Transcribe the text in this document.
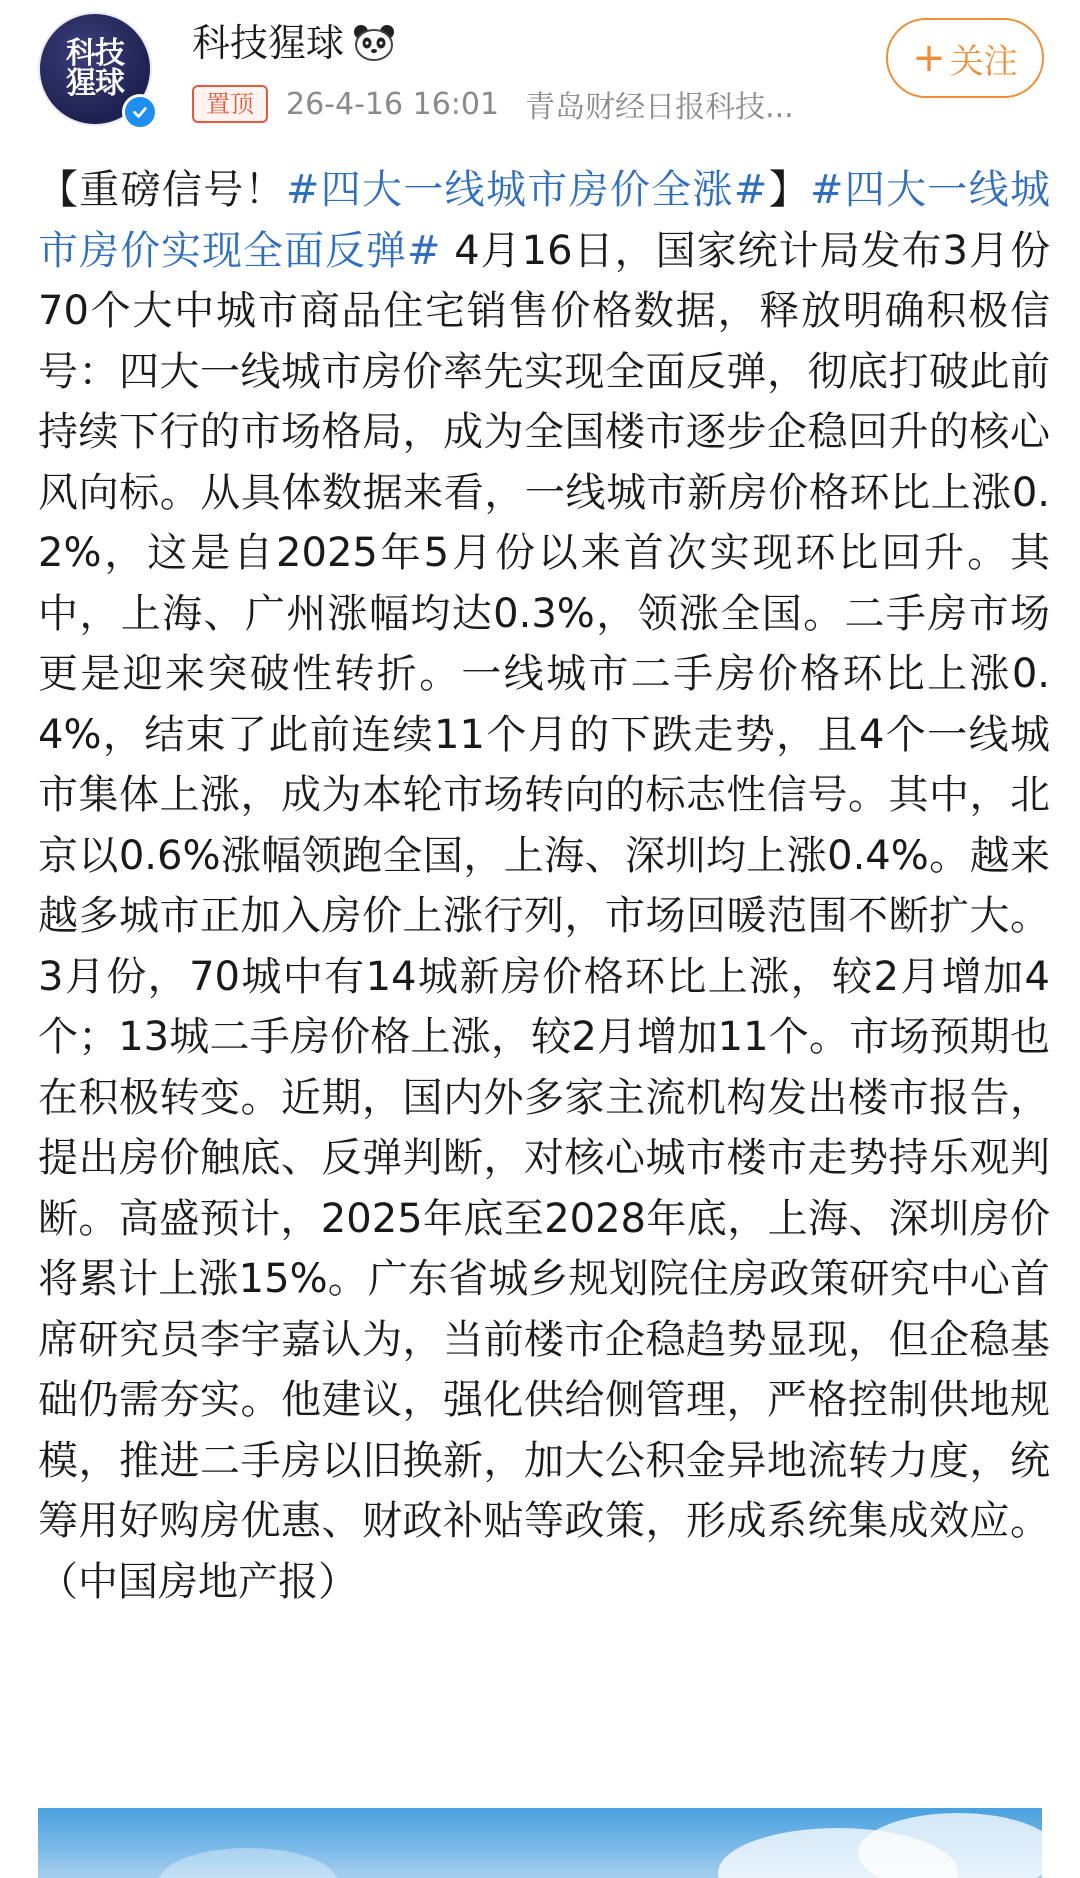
科技猩球
科技猩球
置顶	26-4-16 16:01 青岛财经日报科技...
+ 关注
【重磅信号！#四大一线城市房价全涨#】#四大一线城市房价实现全面反弹# 4月16日，国家统计局发布3月份70个大中城市商品住宅销售价格数据，释放明确积极信号：四大一线城市房价率先实现全面反弹，彻底打破此前持续下行的市场格局，成为全国楼市逐步企稳回升的核心风向标。从具体数据来看，一线城市新房价格环比上涨0.2%，这是自2025年5月份以来首次实现环比回升。其中，上海、广州涨幅均达0.3%，领涨全国。二手房市场更是迎来突破性转折。一线城市二手房价格环比上涨0.4%，结束了此前连续11个月的下跌走势，且4个一线城市集体上涨，成为本轮市场转向的标志性信号。其中，北京以0.6%涨幅领跑全国，上海、深圳均上涨0.4%。越来越多城市正加入房价上涨行列，市场回暖范围不断扩大。3月份，70城中有14城新房价格环比上涨，较2月增加4个；13城二手房价格上涨，较2月增加11个。市场预期也在积极转变。近期，国内外多家主流机构发出楼市报告，提出房价触底、反弹判断，对核心城市楼市走势持乐观判断。高盛预计，2025年底至2028年底，上海、深圳房价将累计上涨15%。广东省城乡规划院住房政策研究中心首席研究员李宇嘉认为，当前楼市企稳趋势显现，但企稳基础仍需夯实。他建议，强化供给侧管理，严格控制供地规模，推进二手房以旧换新，加大公积金异地流转力度，统筹用好购房优惠、财政补贴等政策，形成系统集成效应。（中国房地产报）
